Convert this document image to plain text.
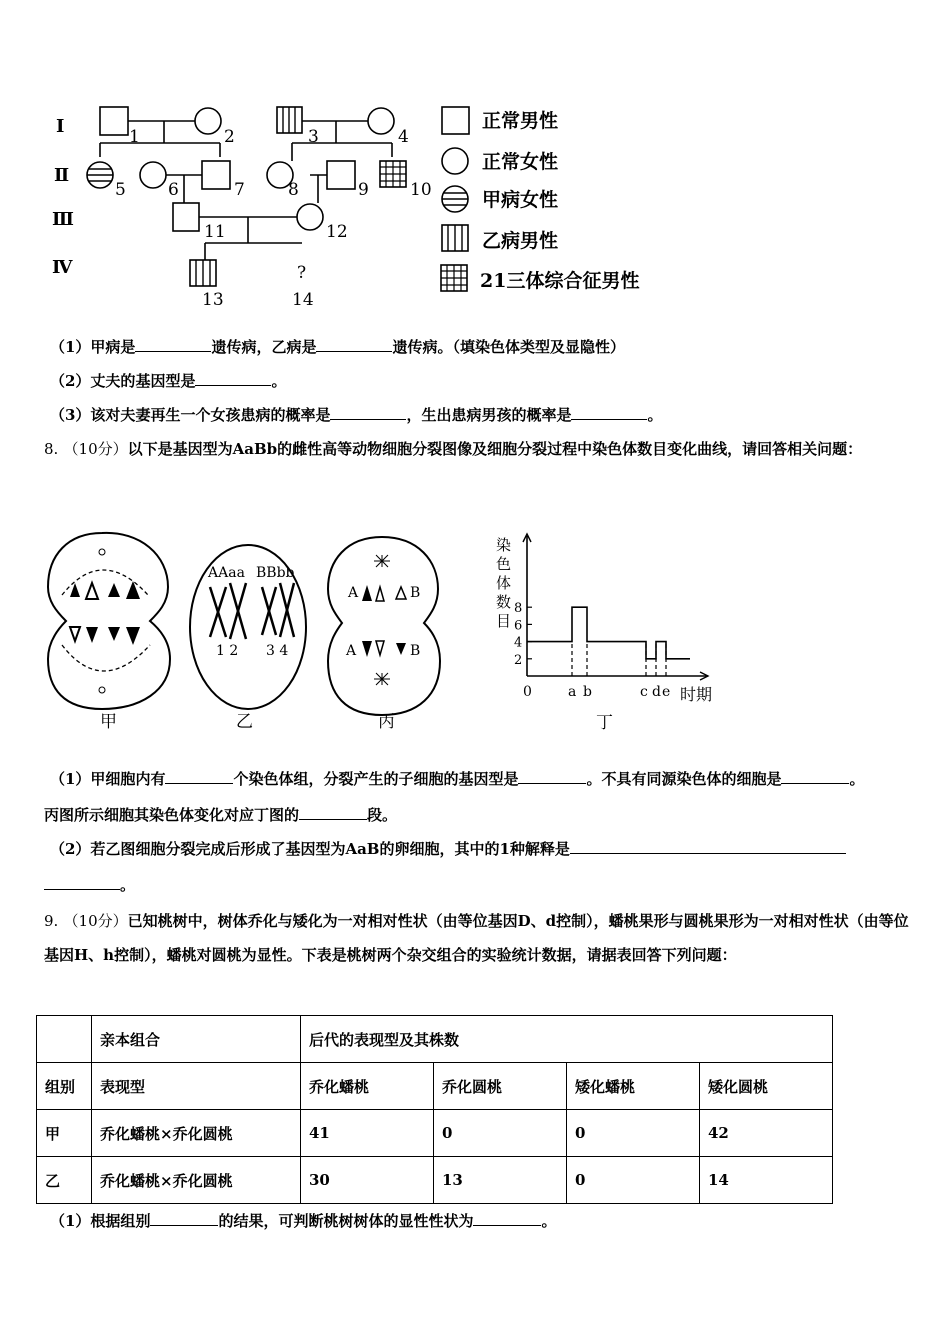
Ⅰ
Ⅱ
Ⅲ
Ⅳ
1	2	3	4
5 6	7	8	9 10
11	12
13	14
?
正常男性
正常女性
甲病女性
乙病男性
21三体综合征男性
（1）甲病是	遗传病，乙病是	遗传病。（填染色体类型及显隐性）
（2）丈夫的基因型是	。
（3）该对夫妻再生一个女孩患病的概率是	，生出患病男孩的概率是	。
8. （10分）以下是基因型为AaBb的雌性高等动物细胞分裂图像及细胞分裂过程中染色体数目变化曲线，请回答相关问题：
AAaa BBbb
1 2 3 4
A	B
A	B
甲	乙	丙
2
4
6
8
染
色
体
数
目
0	a b	c d e 时期
丁
（1）甲细胞内有	个染色体组，分裂产生的子细胞的基因型是	。不具有同源染色体的细胞是	。
丙图所示细胞其染色体变化对应丁图的	段。
（2）若乙图细胞分裂完成后形成了基因型为AaB的卵细胞，其中的1种解释是
。
9. （10分）已知桃树中，树体乔化与矮化为一对相对性状（由等位基因D、d控制），蟠桃果形与圆桃果形为一对相对性状（由等位基因H、h控制），蟠桃对圆桃为显性。下表是桃树两个杂交组合的实验统计数据，请据表回答下列问题：
	亲本组合	后代的表现型及其株数			
组别	表现型	乔化蟠桃	乔化圆桃	矮化蟠桃	矮化圆桃
甲	乔化蟠桃×乔化圆桃	41	0	0	42
乙	乔化蟠桃×乔化圆桃	30	13	0	14
（1）根据组别	的结果，可判断桃树树体的显性性状为	。
